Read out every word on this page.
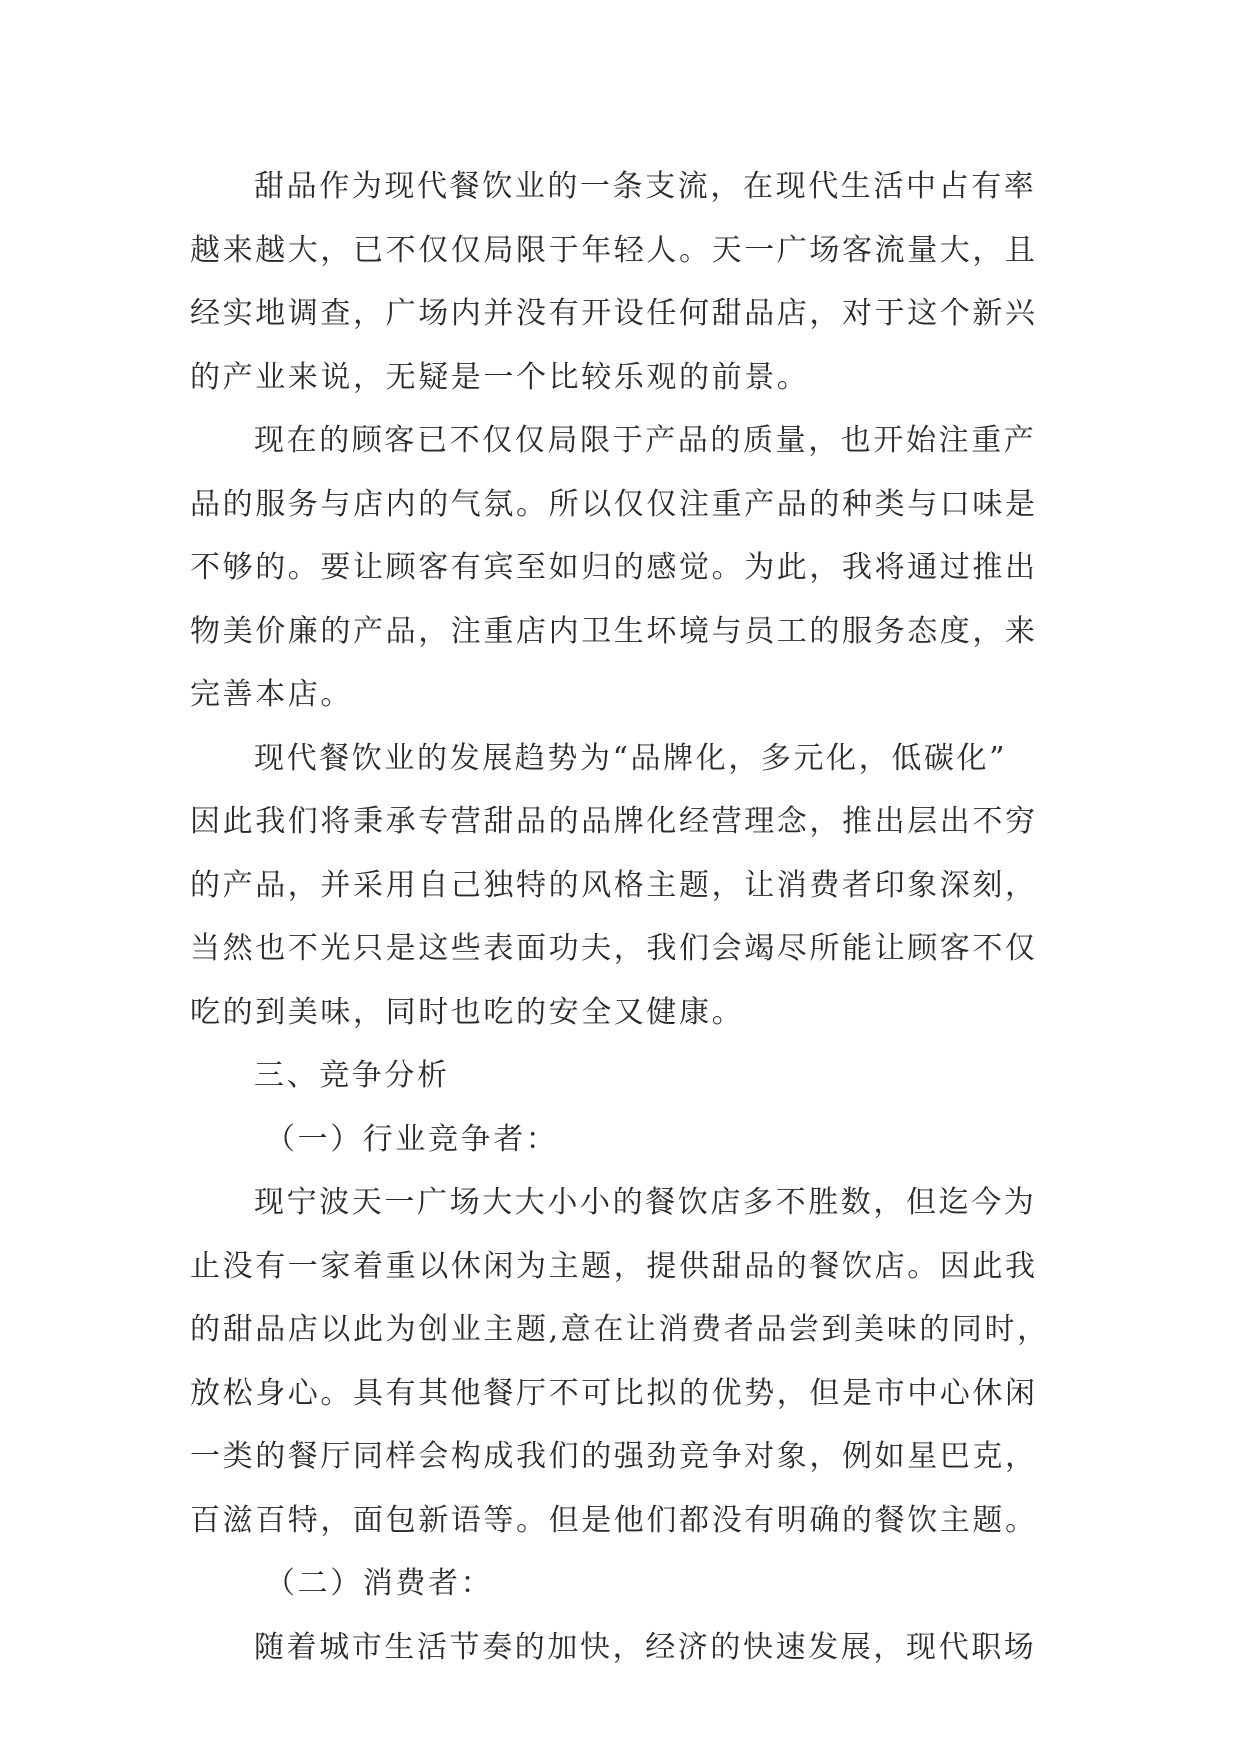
甜品作为现代餐饮业的一条支流，在现代生活中占有率
越来越大，已不仅仅局限于年轻人。天一广场客流量大，且
经实地调查，广场内并没有开设任何甜品店，对于这个新兴
的产业来说，无疑是一个比较乐观的前景。
现在的顾客已不仅仅局限于产品的质量，也开始注重产
品的服务与店内的气氛。所以仅仅注重产品的种类与口味是
不够的。要让顾客有宾至如归的感觉。为此，我将通过推出
物美价廉的产品，注重店内卫生坏境与员工的服务态度，来
完善本店。
现代餐饮业的发展趋势为“品牌化，多元化，低碳化”
因此我们将秉承专营甜品的品牌化经营理念，推出层出不穷
的产品，并采用自己独特的风格主题，让消费者印象深刻，
当然也不光只是这些表面功夫，我们会竭尽所能让顾客不仅
吃的到美味，同时也吃的安全又健康。
三、竞争分析
（一）行业竞争者：
现宁波天一广场大大小小的餐饮店多不胜数，但迄今为
止没有一家着重以休闲为主题，提供甜品的餐饮店。因此我
的甜品店以此为创业主题,意在让消费者品尝到美味的同时，
放松身心。具有其他餐厅不可比拟的优势，但是市中心休闲
一类的餐厅同样会构成我们的强劲竞争对象，例如星巴克，
百滋百特，面包新语等。但是他们都没有明确的餐饮主题。
（二）消费者：
随着城市生活节奏的加快，经济的快速发展，现代职场
